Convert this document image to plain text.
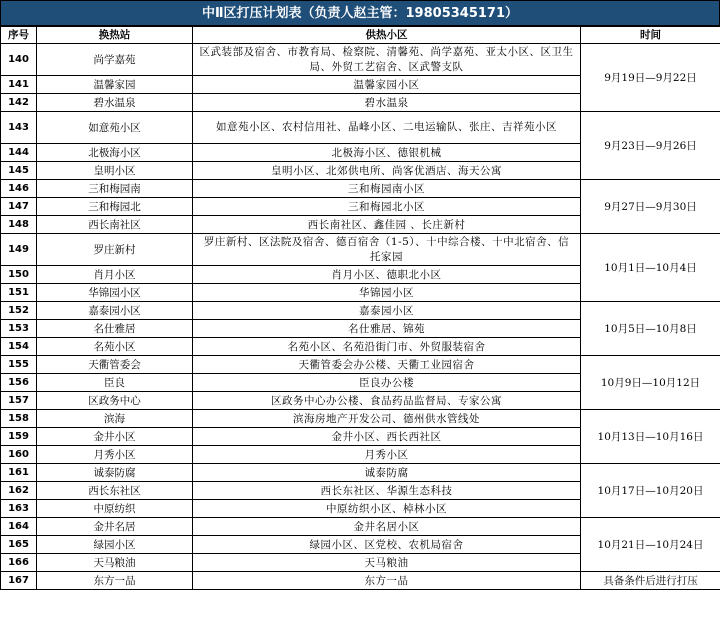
中Ⅱ区打压计划表（负责人赵主管：19805345171）
序号	换热站	供热小区	时间
140	尚学嘉苑	区武装部及宿舍、市教育局、检察院、清馨苑、尚学嘉苑、亚太小区、区卫生局、外贸工艺宿舍、区武警支队	9月19日—9月22日
141	温馨家园	温馨家园小区	
142	碧水温泉	碧水温泉	
143	如意苑小区	如意苑小区、农村信用社、晶峰小区、二电运输队、张庄、吉祥苑小区	9月23日—9月26日
144	北极海小区	北极海小区、德银机械	
145	皇明小区	皇明小区、北郊供电所、尚客优酒店、海天公寓	
146	三和梅园南	三和梅园南小区	9月27日—9月30日
147	三和梅园北	三和梅园北小区	
148	西长南社区	西长南社区、鑫佳园 、长庄新村	
149	罗庄新村	罗庄新村、区法院及宿舍、德百宿舍（1-5）、十中综合楼、十中北宿舍、信托家园	10月1日—10月4日
150	肖月小区	肖月小区、德职北小区	
151	华锦园小区	华锦园小区	
152	嘉泰园小区	嘉泰园小区	10月5日—10月8日
153	名仕雅居	名仕雅居、锦苑	
154	名苑小区	名苑小区、名苑沿街门市、外贸服装宿舍	
155	天衢管委会	天衢管委会办公楼、天衢工业园宿舍	10月9日—10月12日
156	臣良	臣良办公楼	
157	区政务中心	区政务中心办公楼、食品药品监督局、专家公寓	
158	滨海	滨海房地产开发公司、德州供水管线处	10月13日—10月16日
159	金井小区	金井小区、西长西社区	
160	月秀小区	月秀小区	
161	诚泰防腐	诚泰防腐	10月17日—10月20日
162	西长东社区	西长东社区、华源生态科技	
163	中原纺织	中原纺织小区、棹林小区	
164	金井名居	金井名居小区	10月21日—10月24日
165	绿园小区	绿园小区、区党校、农机局宿舍	
166	天马粮油	天马粮油	
167	东方一品	东方一品	具备条件后进行打压
